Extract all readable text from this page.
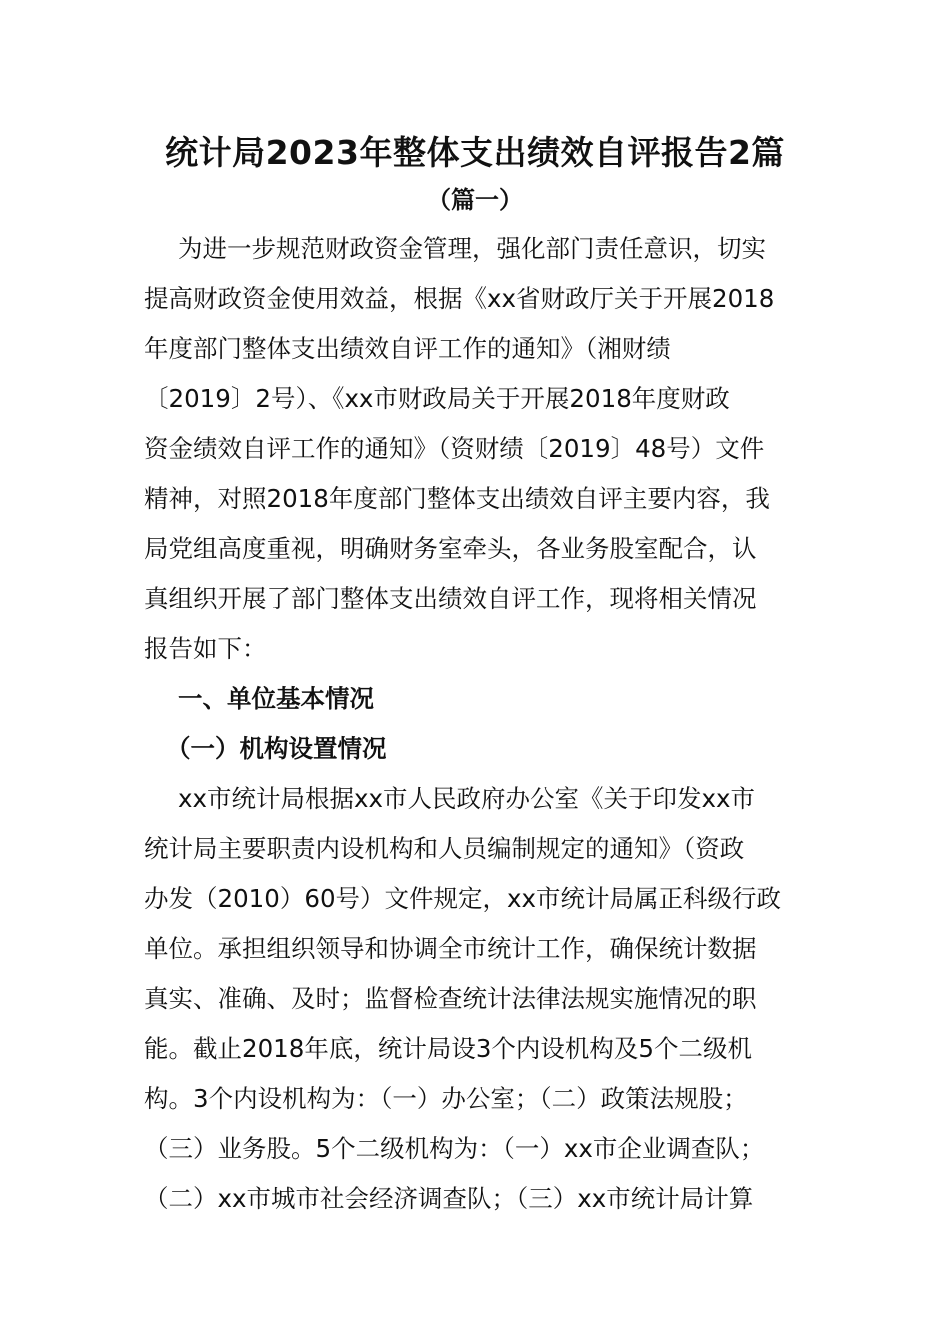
统计局2023年整体支出绩效自评报告2篇
（篇一）

为进一步规范财政资金管理，强化部门责任意识，切实

提高财政资金使用效益，根据《xx省财政厅关于开展2018

年度部门整体支出绩效自评工作的通知》（湘财绩

〔2019〕2号）、《xx市财政局关于开展2018年度财政

资金绩效自评工作的通知》（资财绩〔2019〕48号）文件

精神，对照2018年度部门整体支出绩效自评主要内容，我

局党组高度重视，明确财务室牵头，各业务股室配合，认

真组织开展了部门整体支出绩效自评工作，现将相关情况

报告如下：

一、单位基本情况

（一）机构设置情况

xx市统计局根据xx市人民政府办公室《关于印发xx市

统计局主要职责内设机构和人员编制规定的通知》（资政

办发（2010）60号）文件规定，xx市统计局属正科级行政

单位。承担组织领导和协调全市统计工作，确保统计数据

真实、准确、及时；监督检查统计法律法规实施情况的职

能。截止2018年底，统计局设3个内设机构及5个二级机

构。3个内设机构为：（一）办公室；（二）政策法规股；

（三）业务股。5个二级机构为：（一）xx市企业调查队；

（二）xx市城市社会经济调查队；（三）xx市统计局计算
